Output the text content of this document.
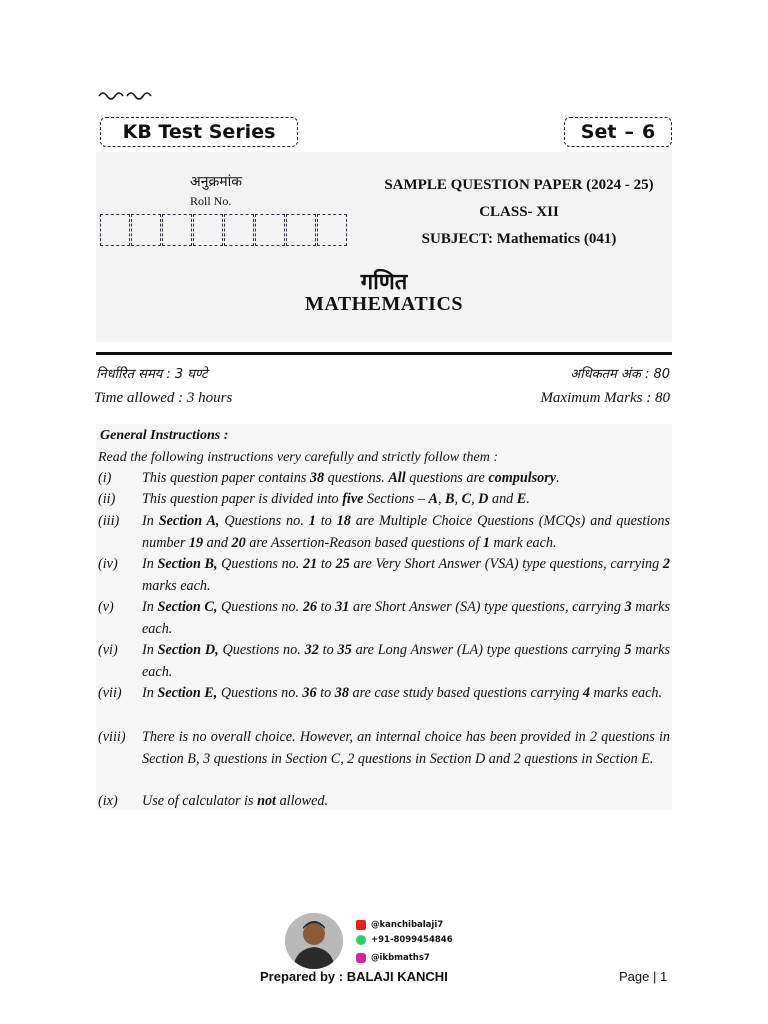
KB Test Series	Set – 6
अनुक्रमांक
Roll No.
SAMPLE QUESTION PAPER (2024 - 25)
CLASS- XII
SUBJECT: Mathematics (041)
गणित
MATHEMATICS
निर्धारित समय : 3 घण्टे	अधिकतम अंक : 80
Time allowed : 3 hours	Maximum Marks : 80
General Instructions :
Read the following instructions very carefully and strictly follow them :
(i)	This question paper contains 38 questions. All questions are compulsory.
(ii)	This question paper is divided into five Sections – A, B, C, D and E.
(iii)	In Section A, Questions no. 1 to 18 are Multiple Choice Questions (MCQs) and questions number 19 and 20 are Assertion-Reason based questions of 1 mark each.
(iv)	In Section B, Questions no. 21 to 25 are Very Short Answer (VSA) type questions, carrying 2 marks each.
(v)	In Section C, Questions no. 26 to 31 are Short Answer (SA) type questions, carrying 3 marks each.
(vi)	In Section D, Questions no. 32 to 35 are Long Answer (LA) type questions carrying 5 marks each.
(vii)	In Section E, Questions no. 36 to 38 are case study based questions carrying 4 marks each.
(viii)	There is no overall choice. However, an internal choice has been provided in 2 questions in Section B, 3 questions in Section C, 2 questions in Section D and 2 questions in Section E.
(ix)	Use of calculator is not allowed.
@kanchibalaji7
+91-8099454846
@ikbmaths7
Prepared by : BALAJI KANCHI	Page | 1
